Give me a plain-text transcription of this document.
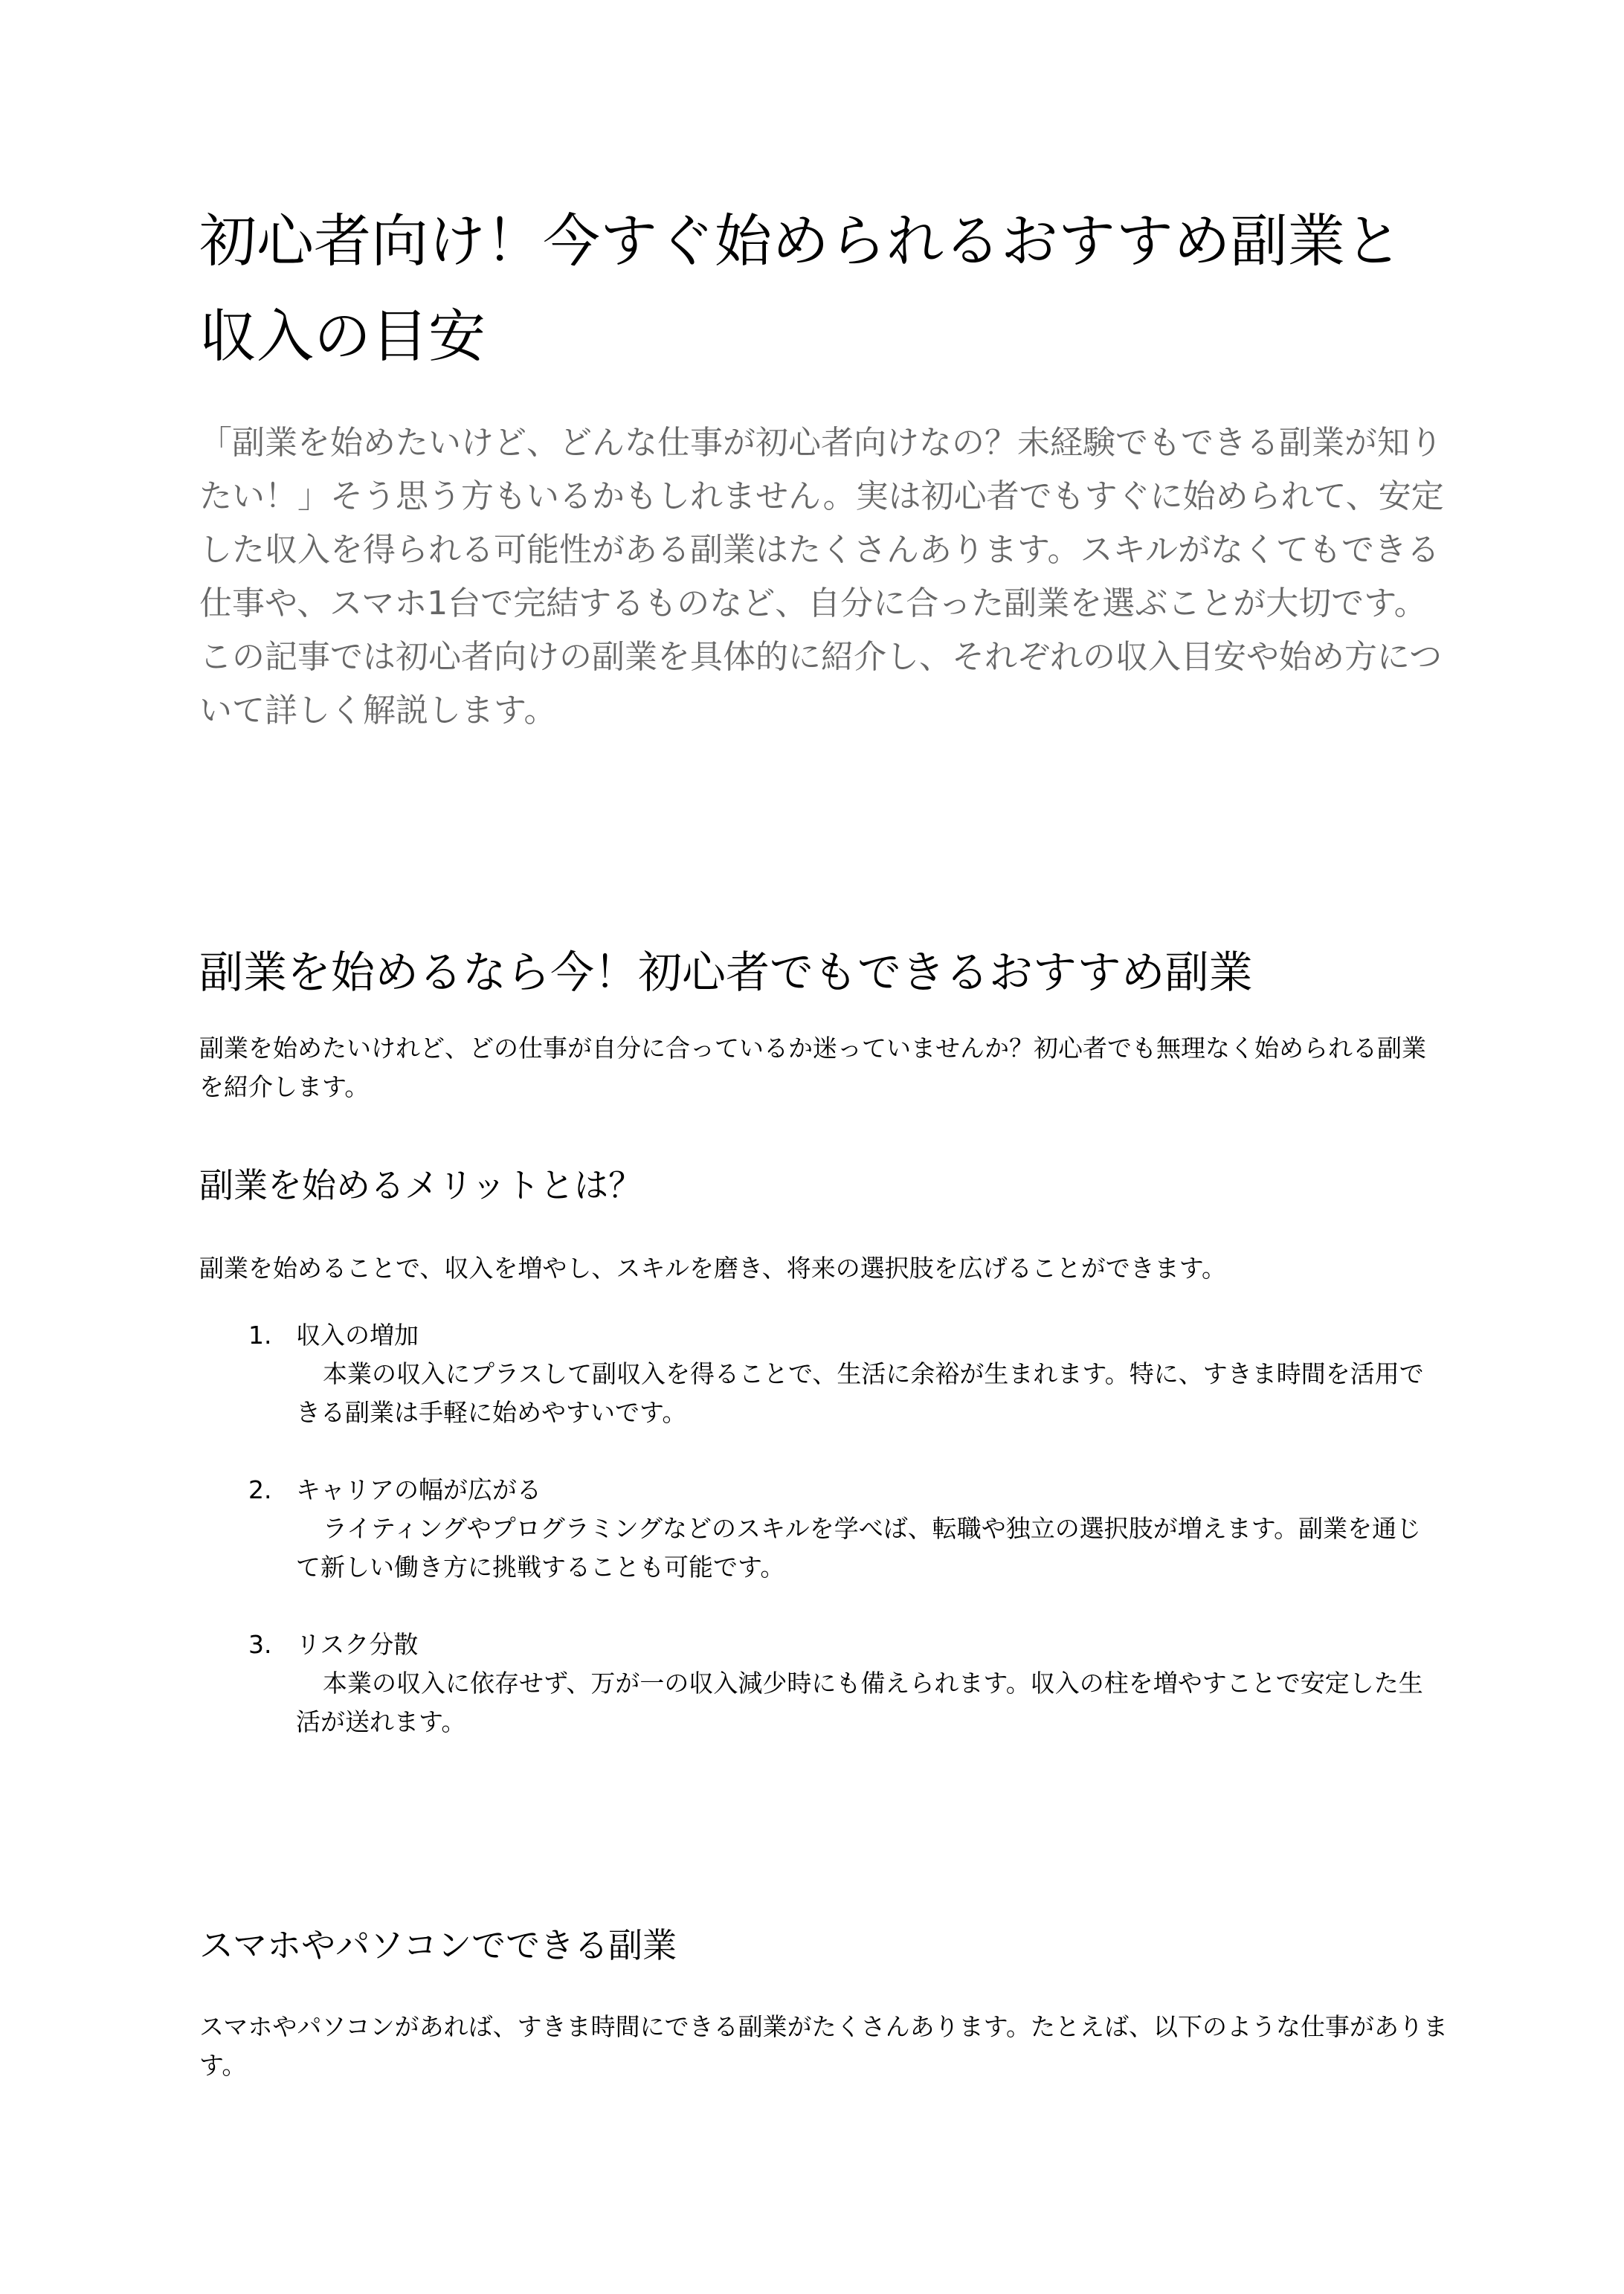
初心者向け！今すぐ始められるおすすめ副業と収入の目安

「副業を始めたいけど、どんな仕事が初心者向けなの？未経験でもできる副業が知りたい！」そう思う方もいるかもしれません。実は初心者でもすぐに始められて、安定した収入を得られる可能性がある副業はたくさんあります。スキルがなくてもできる仕事や、スマホ1台で完結するものなど、自分に合った副業を選ぶことが大切です。この記事では初心者向けの副業を具体的に紹介し、それぞれの収入目安や始め方について詳しく解説します。

副業を始めるなら今！初心者でもできるおすすめ副業

副業を始めたいけれど、どの仕事が自分に合っているか迷っていませんか？初心者でも無理なく始められる副業を紹介します。

副業を始めるメリットとは？

副業を始めることで、収入を増やし、スキルを磨き、将来の選択肢を広げることができます。

1. 収入の増加

本業の収入にプラスして副収入を得ることで、生活に余裕が生まれます。特に、すきま時間を活用できる副業は手軽に始めやすいです。

2. キャリアの幅が広がる

ライティングやプログラミングなどのスキルを学べば、転職や独立の選択肢が増えます。副業を通じて新しい働き方に挑戦することも可能です。

3. リスク分散

本業の収入に依存せず、万が一の収入減少時にも備えられます。収入の柱を増やすことで安定した生活が送れます。

スマホやパソコンでできる副業

スマホやパソコンがあれば、すきま時間にできる副業がたくさんあります。たとえば、以下のような仕事があります。
